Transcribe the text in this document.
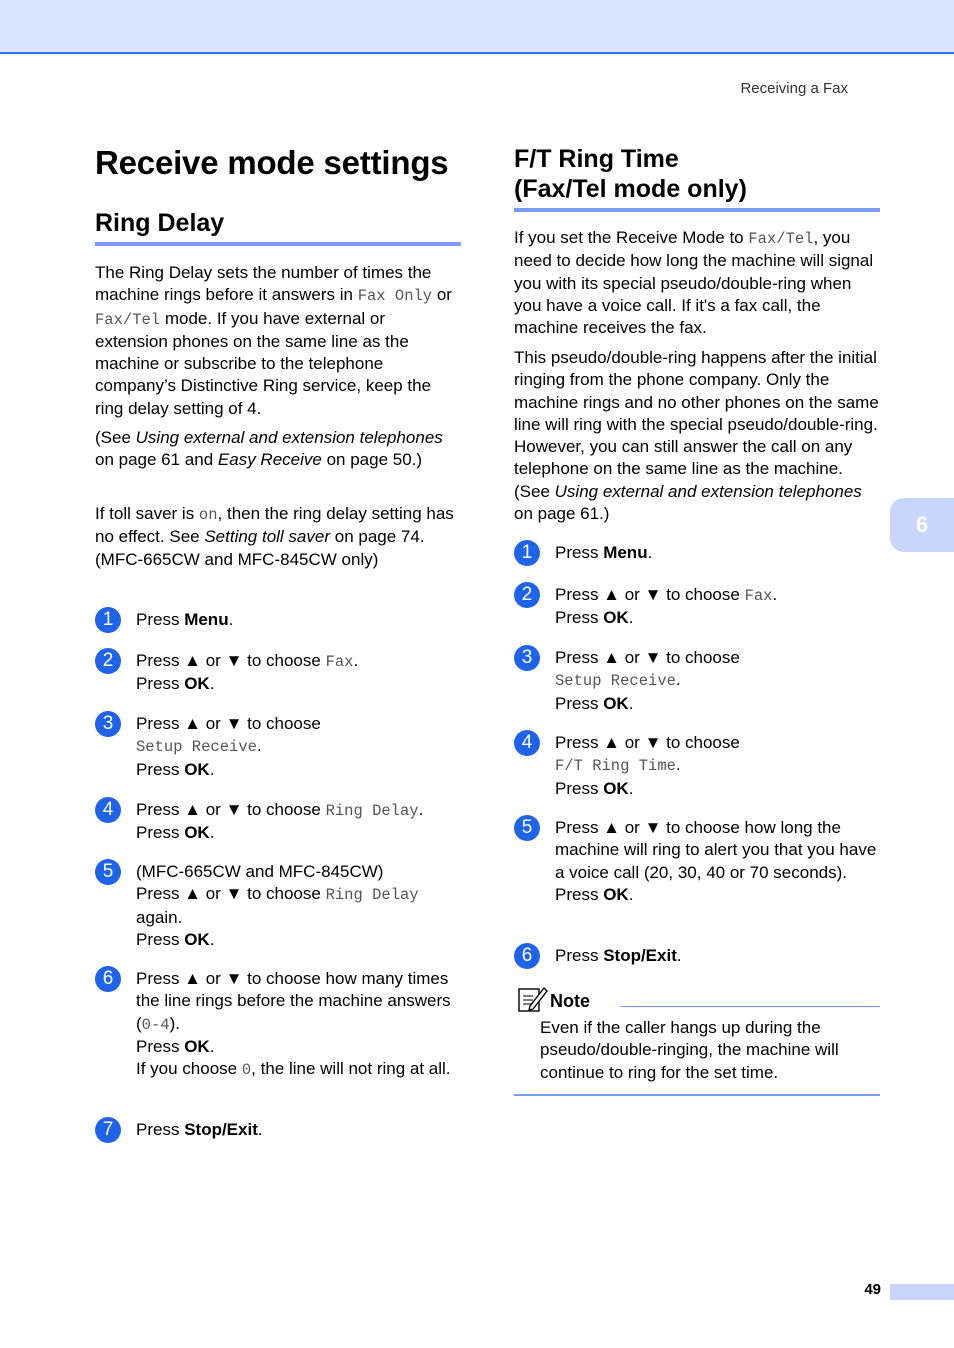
Receiving a Fax
6
Receive mode settings
Ring Delay

The Ring Delay sets the number of times the machine rings before it answers in Fax Only or Fax/Tel mode. If you have external or extension phones on the same line as the machine or subscribe to the telephone company’s Distinctive Ring service, keep the ring delay setting of 4.

(See Using external and extension telephones on page 61 and Easy Receive on page 50.)

If toll saver is on, then the ring delay setting has no effect. See Setting toll saver on page 74. (MFC-665CW and MFC-845CW only)

1	Press Menu.
2	Press ▲ or ▼ to choose Fax.
Press OK.
3	Press ▲ or ▼ to choose
Setup Receive.
Press OK.
4	Press ▲ or ▼ to choose Ring Delay.
Press OK.
5	(MFC-665CW and MFC-845CW)
Press ▲ or ▼ to choose Ring Delay
again.
Press OK.
6	Press ▲ or ▼ to choose how many times the line rings before the machine answers (0-4).
Press OK.
If you choose 0, the line will not ring at all.
7	Press Stop/Exit.
F/T Ring Time
(Fax/Tel mode only)

If you set the Receive Mode to Fax/Tel, you need to decide how long the machine will signal you with its special pseudo/double-ring when you have a voice call. If it's a fax call, the machine receives the fax.

This pseudo/double-ring happens after the initial ringing from the phone company. Only the machine rings and no other phones on the same line will ring with the special pseudo/double-ring. However, you can still answer the call on any telephone on the same line as the machine. (See Using external and extension telephones on page 61.)

1	Press Menu.
2	Press ▲ or ▼ to choose Fax.
Press OK.
3	Press ▲ or ▼ to choose
Setup Receive.
Press OK.
4	Press ▲ or ▼ to choose
F/T Ring Time.
Press OK.
5	Press ▲ or ▼ to choose how long the machine will ring to alert you that you have a voice call (20, 30, 40 or 70 seconds).
Press OK.
6	Press Stop/Exit.
Note
Even if the caller hangs up during the pseudo/double-ringing, the machine will continue to ring for the set time.
49
